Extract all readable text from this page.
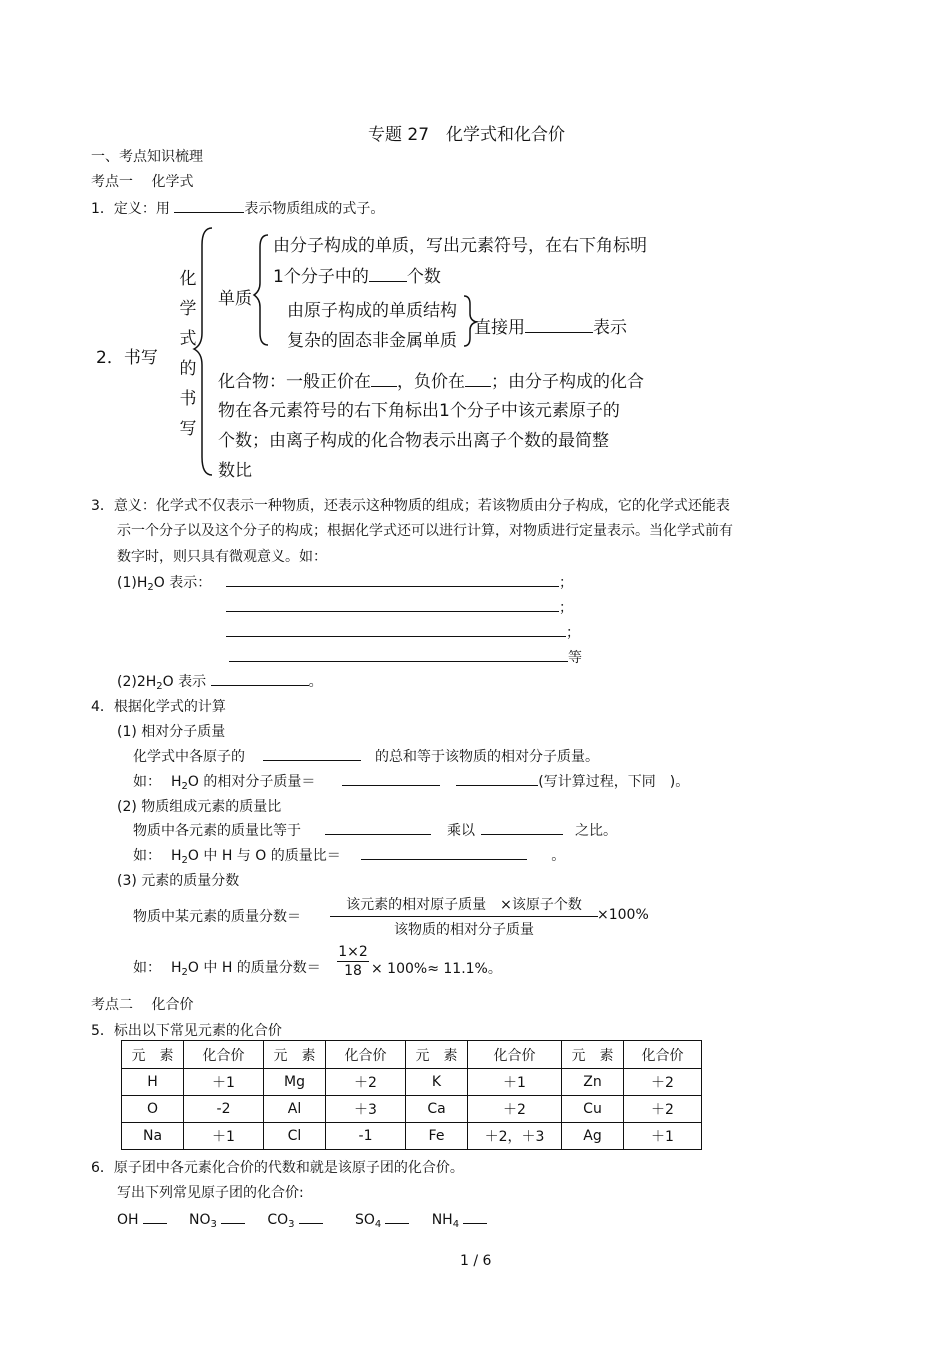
专题 27　化学式和化合价
一、考点知识梳理
考点一　 化学式
1．定义：用	表示物质组成的式子。
2．书写
化
学
式
的
书
写
单质
由分子构成的单质，写出元素符号，在右下角标明
1个分子中的 个数
由原子构成的单质结构
复杂的固态非金属单质
直接用	表示
化合物：一般正价在 ，负价在 ；由分子构成的化合
物在各元素符号的右下角标出1个分子中该元素原子的
个数；由离子构成的化合物表示出离子个数的最简整
数比
3．意义：化学式不仅表示一种物质，还表示这种物质的组成；若该物质由分子构成，它的化学式还能表
示一个分子以及这个分子的构成；根据化学式还可以进行计算，对物质进行定量表示。当化学式前有
数字时，则只具有微观意义。如：
$(1)H_2O$ 表示：	；
；
；
等
$(2)2H_2O$ 表示	。
4．根据化学式的计算
(1) 相对分子质量
化学式中各原子的	的总和等于该物质的相对分子质量。
如： $H_2O$ 的相对分子质量＝	(写计算过程，下同　)。
(2) 物质组成元素的质量比
物质中各元素的质量比等于	乘以	之比。
如： $H_2O$ 中 H 与 O 的质量比＝	。
(3) 元素的质量分数
物质中某元素的质量分数＝
该元素的相对原子质量　×该原子个数
该物质的相对分子质量
×100%
如： $H_2O$ 中 H 的质量分数＝ $\frac{1\times 2}{18} \times 100\%\approx 11.1\%$。
考点二　 化合价
5．标出以下常见元素的化合价
元　素	化合价	元　素	化合价	元　素	化合价	元　素	化合价
H	＋1	Mg	＋2	K	＋1	Zn	＋2
O	-2	Al	＋3	Ca	＋2	Cu	＋2
Na	＋1	Cl	-1	Fe	＋2，＋3	Ag	＋1
6．原子团中各元素化合价的代数和就是该原子团的化合价。
写出下列常见原子团的化合价:
OH	$NO_3$	$CO_3$	$SO_4$	$NH_4$
1 / 6
